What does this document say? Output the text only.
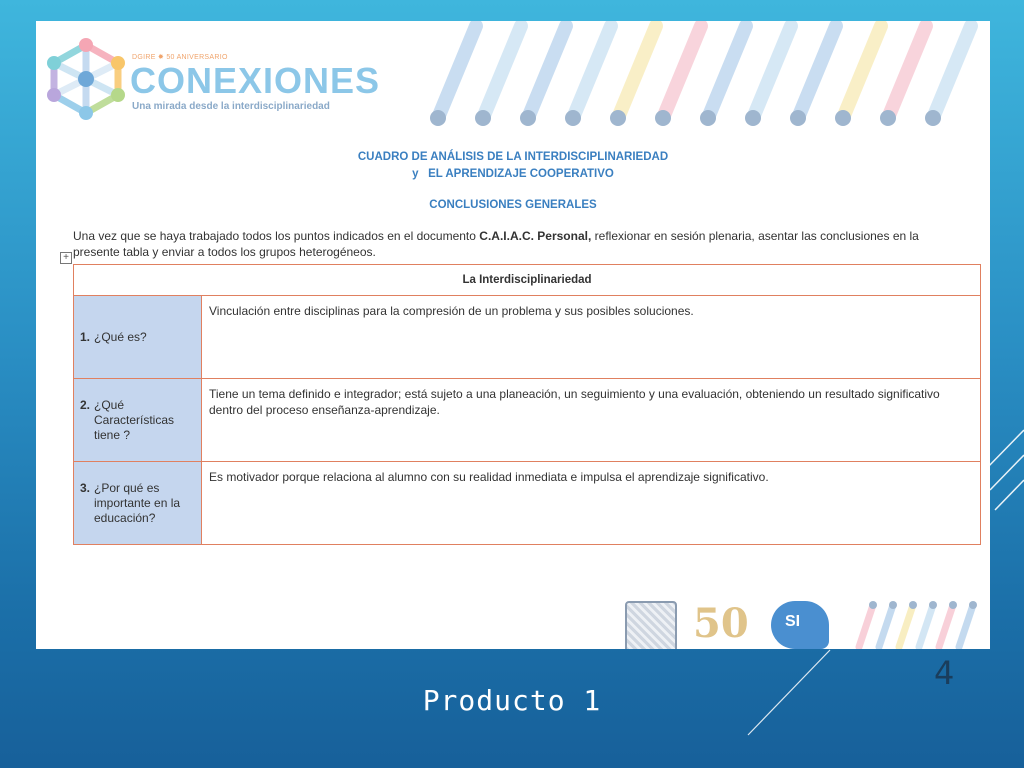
DGIRE ✸ 50 ANIVERSARIO
CONEXIONES
Una mirada desde la interdisciplinariedad
CUADRO DE ANÁLISIS DE LA INTERDISCIPLINARIEDAD
y   EL APRENDIZAJE COOPERATIVO
CONCLUSIONES GENERALES
Una vez que se haya trabajado todos los puntos indicados en el documento C.A.I.A.C. Personal, reflexionar en sesión plenaria, asentar las conclusiones en la presente tabla y enviar a todos los grupos heterogéneos.
+
La Interdisciplinariedad	

1. ¿Qué es?	Vinculación entre disciplinas para la compresión de un problema y sus posibles soluciones.

2. ¿Qué Características tiene ?	Tiene un tema definido e integrador; está sujeto a una planeación, un seguimiento y una evaluación, obteniendo un resultado significativo dentro del proceso enseñanza-aprendizaje.

3. ¿Por qué es importante en la educación?	Es motivador porque relaciona al alumno con su realidad inmediata e impulsa el aprendizaje significativo.
50	SI
4
Producto 1
